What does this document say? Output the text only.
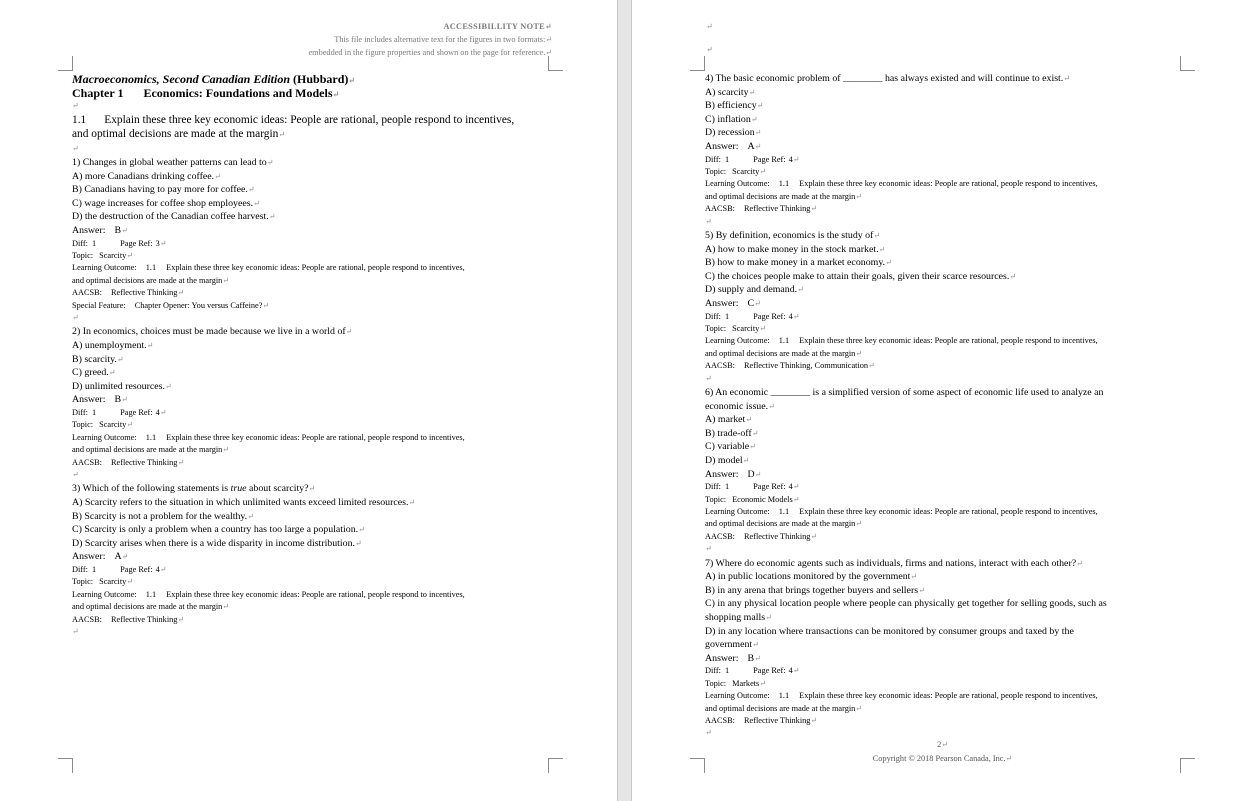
ACCESSIBILLITY NOTE↵
This file includes alternative text for the figures in two formats:↵
embedded in the figure properties and shown on the page for reference.↵
Macroeconomics, Second Canadian Edition (Hubbard)↵
Chapter 1 Economics: Foundations and Models↵
↵
1.1 Explain these three key economic ideas: People are rational, people respond to incentives,
and optimal decisions are made at the margin↵
↵
1) Changes in global weather patterns can lead to↵
A) more Canadians drinking coffee.↵
B) Canadians having to pay more for coffee.↵
C) wage increases for coffee shop employees.↵
D) the destruction of the Canadian coffee harvest.↵
Answer: B↵
Diff: 1	Page Ref: 3↵
Topic: Scarcity↵
Learning Outcome: 1.1 Explain these three key economic ideas: People are rational, people respond to incentives,
and optimal decisions are made at the margin↵
AACSB: Reflective Thinking↵
Special Feature: Chapter Opener: You versus Caffeine?↵
↵
2) In economics, choices must be made because we live in a world of↵
A) unemployment.↵
B) scarcity.↵
C) greed.↵
D) unlimited resources.↵
Answer: B↵
Diff: 1	Page Ref: 4↵
Topic: Scarcity↵
Learning Outcome: 1.1 Explain these three key economic ideas: People are rational, people respond to incentives,
and optimal decisions are made at the margin↵
AACSB: Reflective Thinking↵
↵
3) Which of the following statements is true about scarcity?↵
A) Scarcity refers to the situation in which unlimited wants exceed limited resources.↵
B) Scarcity is not a problem for the wealthy.↵
C) Scarcity is only a problem when a country has too large a population.↵
D) Scarcity arises when there is a wide disparity in income distribution.↵
Answer: A↵
Diff: 1	Page Ref: 4↵
Topic: Scarcity↵
Learning Outcome: 1.1 Explain these three key economic ideas: People are rational, people respond to incentives,
and optimal decisions are made at the margin↵
AACSB: Reflective Thinking↵
↵
↵
↵
4) The basic economic problem of ________ has always existed and will continue to exist.↵
A) scarcity↵
B) efficiency↵
C) inflation↵
D) recession↵
Answer: A↵
Diff: 1	Page Ref: 4↵
Topic: Scarcity↵
Learning Outcome: 1.1 Explain these three key economic ideas: People are rational, people respond to incentives,
and optimal decisions are made at the margin↵
AACSB: Reflective Thinking↵
↵
5) By definition, economics is the study of↵
A) how to make money in the stock market.↵
B) how to make money in a market economy.↵
C) the choices people make to attain their goals, given their scarce resources.↵
D) supply and demand.↵
Answer: C↵
Diff: 1	Page Ref: 4↵
Topic: Scarcity↵
Learning Outcome: 1.1 Explain these three key economic ideas: People are rational, people respond to incentives,
and optimal decisions are made at the margin↵
AACSB: Reflective Thinking, Communication↵
↵
6) An economic ________ is a simplified version of some aspect of economic life used to analyze an
economic issue.↵
A) market↵
B) trade-off↵
C) variable↵
D) model↵
Answer: D↵
Diff: 1	Page Ref: 4↵
Topic: Economic Models↵
Learning Outcome: 1.1 Explain these three key economic ideas: People are rational, people respond to incentives,
and optimal decisions are made at the margin↵
AACSB: Reflective Thinking↵
↵
7) Where do economic agents such as individuals, firms and nations, interact with each other?↵
A) in public locations monitored by the government↵
B) in any arena that brings together buyers and sellers↵
C) in any physical location people where people can physically get together for selling goods, such as
shopping malls↵
D) in any location where transactions can be monitored by consumer groups and taxed by the
government↵
Answer: B↵
Diff: 1	Page Ref: 4↵
Topic: Markets↵
Learning Outcome: 1.1 Explain these three key economic ideas: People are rational, people respond to incentives,
and optimal decisions are made at the margin↵
AACSB: Reflective Thinking↵
↵
2↵
Copyright © 2018 Pearson Canada, Inc.↵
